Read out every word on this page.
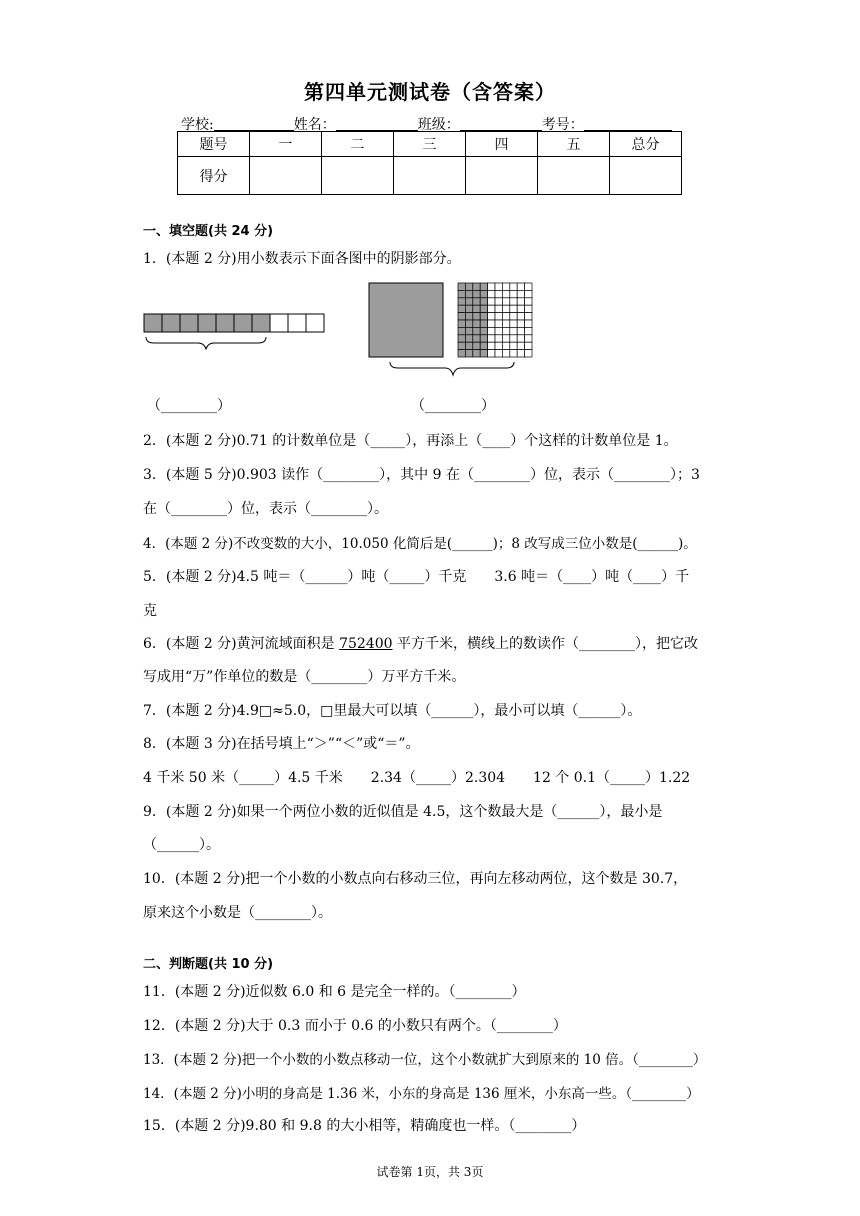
第四单元测试卷（含答案）
学校:	姓名：	班级：	考号：
题号	一	二	三	四	五	总分
得分						
一、填空题(共 24 分)
1．(本题 2 分)用小数表示下面各图中的阴影部分。
（________）	（________）
2．(本题 2 分)0.71 的计数单位是（_____），再添上（____）个这样的计数单位是 1。
3．(本题 5 分)0.903 读作（________），其中 9 在（________）位，表示（________）；3
在（________）位，表示（________）。
4．(本题 2 分)不改变数的大小，10.050 化简后是(______)；8 改写成三位小数是(______)。
5．(本题 2 分)4.5 吨＝（______）吨（_____）千克　　3.6 吨＝（____）吨（____）千
克
6．(本题 2 分)黄河流域面积是 752400 平方千米，横线上的数读作（________），把它改
写成用“万”作单位的数是（________）万平方千米。
7．(本题 2 分)4.9□≈5.0，□里最大可以填（______），最小可以填（______）。
8．(本题 3 分)在括号填上“＞”“＜”或“＝”。
4 千米 50 米（_____）4.5 千米　　2.34（_____）2.304　　12 个 0.1（_____）1.22
9．(本题 2 分)如果一个两位小数的近似值是 4.5，这个数最大是（______），最小是
（______）。
10．(本题 2 分)把一个小数的小数点向右移动三位，再向左移动两位，这个数是 30.7，
原来这个小数是（________）。
二、判断题(共 10 分)
11．(本题 2 分)近似数 6.0 和 6 是完全一样的。（________）
12．(本题 2 分)大于 0.3 而小于 0.6 的小数只有两个。（________）
13．(本题 2 分)把一个小数的小数点移动一位，这个小数就扩大到原来的 10 倍。（________）
14．(本题 2 分)小明的身高是 1.36 米，小东的身高是 136 厘米，小东高一些。（________）
15．(本题 2 分)9.80 和 9.8 的大小相等，精确度也一样。（________）
试卷第 1页，共 3页
